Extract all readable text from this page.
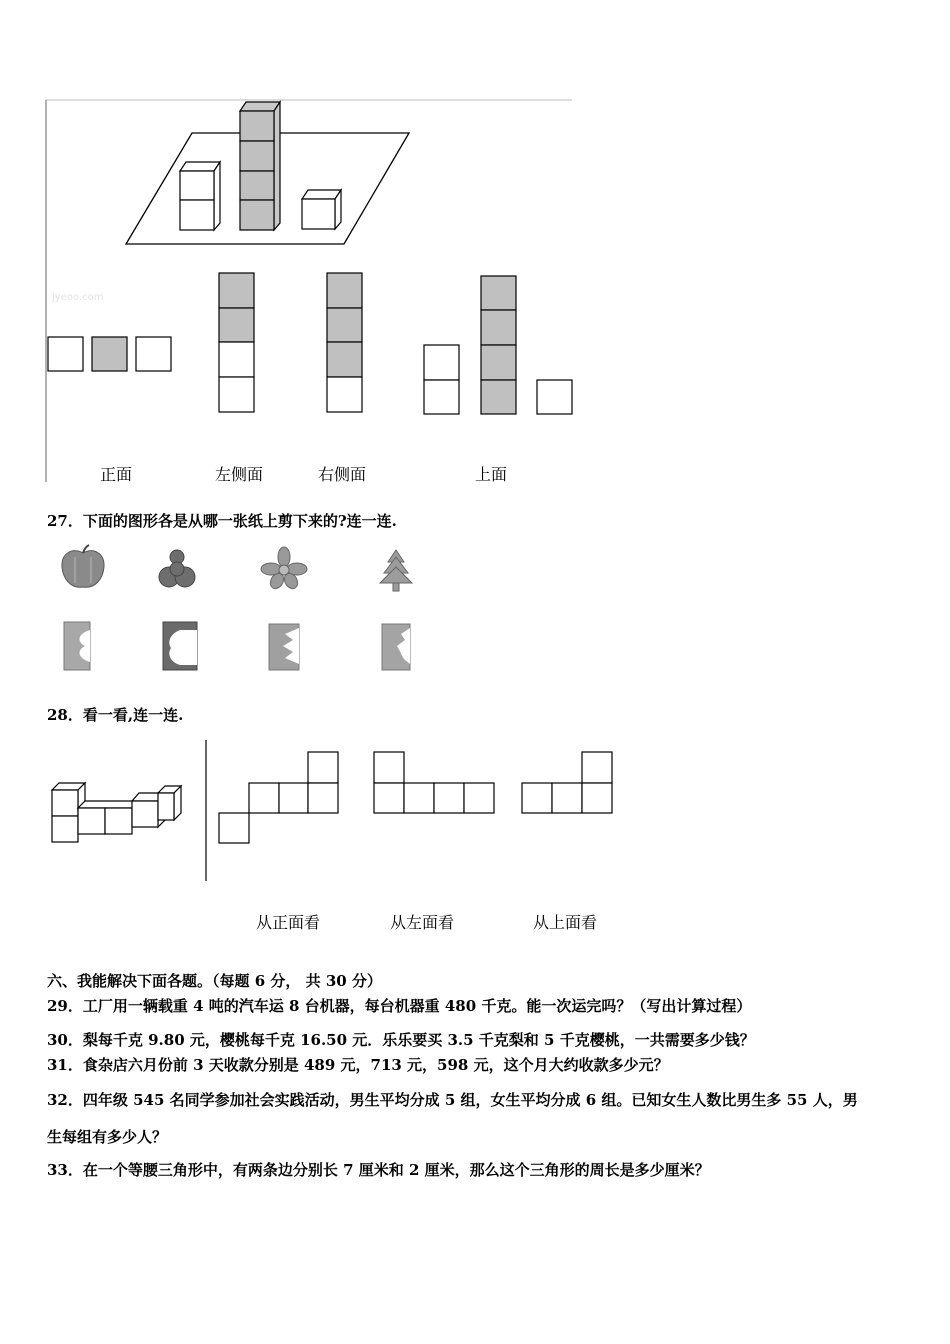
jyeoo.com
正面	左侧面	右侧面	上面
27．下面的图形各是从哪一张纸上剪下来的?连一连.
28．看一看,连一连.
从正面看	从左面看	从上面看
六、我能解决下面各题。（每题 6 分， 共 30 分）
29．工厂用一辆载重 4 吨的汽车运 8 台机器，每台机器重 480 千克。能一次运完吗？（写出计算过程）
30．梨每千克 9.80 元，樱桃每千克 16.50 元．乐乐要买 3.5 千克梨和 5 千克樱桃，一共需要多少钱？
31．食杂店六月份前 3 天收款分别是 489 元，713 元，598 元，这个月大约收款多少元？
32．四年级 545 名同学参加社会实践活动，男生平均分成 5 组，女生平均分成 6 组。已知女生人数比男生多 55 人，男
生每组有多少人？
33．在一个等腰三角形中，有两条边分别长 7 厘米和 2 厘米，那么这个三角形的周长是多少厘米？
